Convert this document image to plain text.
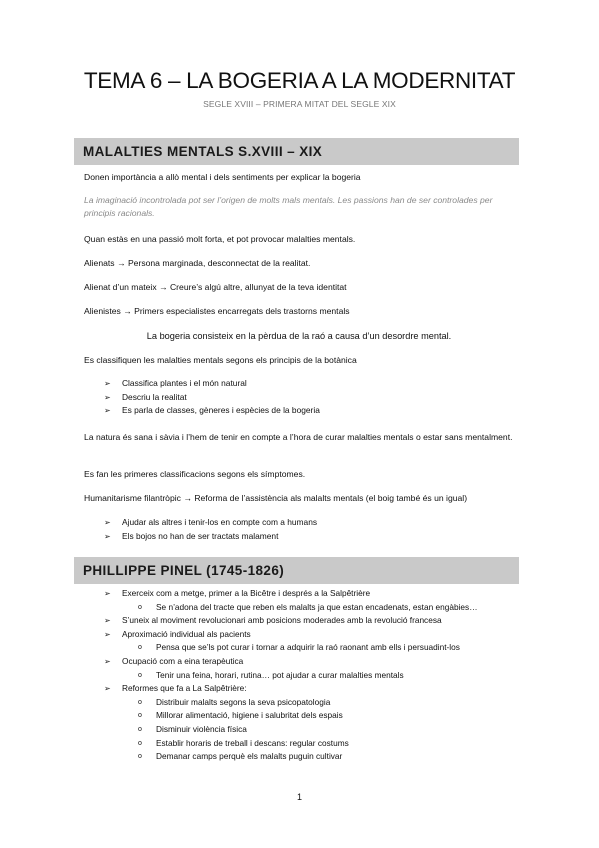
TEMA 6 – LA BOGERIA A LA MODERNITAT
SEGLE XVIII – PRIMERA MITAT DEL SEGLE XIX
MALALTIES MENTALS S.XVIII – XIX

Donen importància a allò mental i dels sentiments per explicar la bogeria

La imaginació incontrolada pot ser l’origen de molts mals mentals. Les passions han de ser controlades per principis racionals.

Quan estàs en una passió molt forta, et pot provocar malalties mentals.

Alienats → Persona marginada, desconnectat de la realitat.

Alienat d’un mateix → Creure’s algú altre, allunyat de la teva identitat

Alienistes → Primers especialistes encarregats dels trastorns mentals

La bogeria consisteix en la pèrdua de la raó a causa d’un desordre mental.

Es classifiquen les malalties mentals segons els principis de la botànica

➢ Classifica plantes i el món natural
➢ Descriu la realitat
➢ Es parla de classes, gèneres i espècies de la bogeria

La natura és sana i sàvia i l’hem de tenir en compte a l’hora de curar malalties mentals o estar sans mentalment.

Es fan les primeres classificacions segons els símptomes.

Humanitarisme filantròpic → Reforma de l’assistència als malalts mentals (el boig també és un igual)

➢ Ajudar als altres i tenir-los en compte com a humans
➢ Els bojos no han de ser tractats malament
PHILLIPPE PINEL (1745-1826)
➢ Exerceix com a metge, primer a la Bicêtre i després a la Salpêtrière
o Se n’adona del tracte que reben els malalts ja que estan encadenats, estan engàbies…
➢ S’uneix al moviment revolucionari amb posicions moderades amb la revolució francesa
➢ Aproximació individual als pacients
o Pensa que se’ls pot curar i tornar a adquirir la raó raonant amb ells i persuadint-los
➢ Ocupació com a eina terapèutica
o Tenir una feina, horari, rutina… pot ajudar a curar malalties mentals
➢ Reformes que fa a La Salpêtrière:
o Distribuir malalts segons la seva psicopatologia
o Millorar alimentació, higiene i salubritat dels espais
o Disminuir violència física
o Establir horaris de treball i descans: regular costums
o Demanar camps perquè els malalts puguin cultivar
1
